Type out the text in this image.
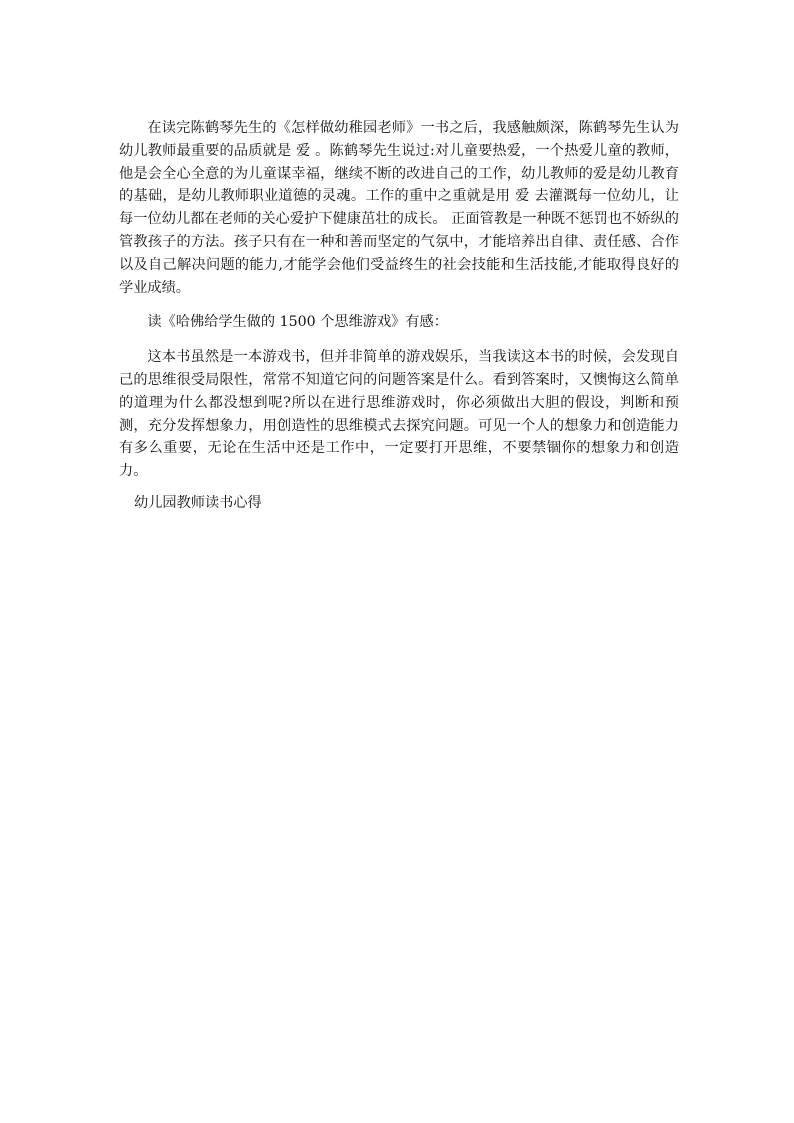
在读完陈鹤琴先生的《怎样做幼稚园老师》一书之后，我感触颇深，陈鹤琴先生认为幼儿教师最重要的品质就是 爱 。陈鹤琴先生说过:对儿童要热爱，一个热爱儿童的教师，他是会全心全意的为儿童谋幸福，继续不断的改进自己的工作，幼儿教师的爱是幼儿教育的基础，是幼儿教师职业道德的灵魂。工作的重中之重就是用 爱 去灌溉每一位幼儿，让每一位幼儿都在老师的关心爱护下健康茁壮的成长。 正面管教是一种既不惩罚也不娇纵的管教孩子的方法。孩子只有在一种和善而坚定的气氛中，才能培养出自律、责任感、合作以及自己解决问题的能力,才能学会他们受益终生的社会技能和生活技能,才能取得良好的学业成绩。

读《哈佛给学生做的 1500 个思维游戏》有感：

这本书虽然是一本游戏书，但并非简单的游戏娱乐，当我读这本书的时候，会发现自己的思维很受局限性，常常不知道它问的问题答案是什么。看到答案时，又懊悔这么简单的道理为什么都没想到呢?所以在进行思维游戏时，你必须做出大胆的假设，判断和预测，充分发挥想象力，用创造性的思维模式去探究问题。可见一个人的想象力和创造能力有多么重要，无论在生活中还是工作中，一定要打开思维，不要禁锢你的想象力和创造力。

幼儿园教师读书心得
